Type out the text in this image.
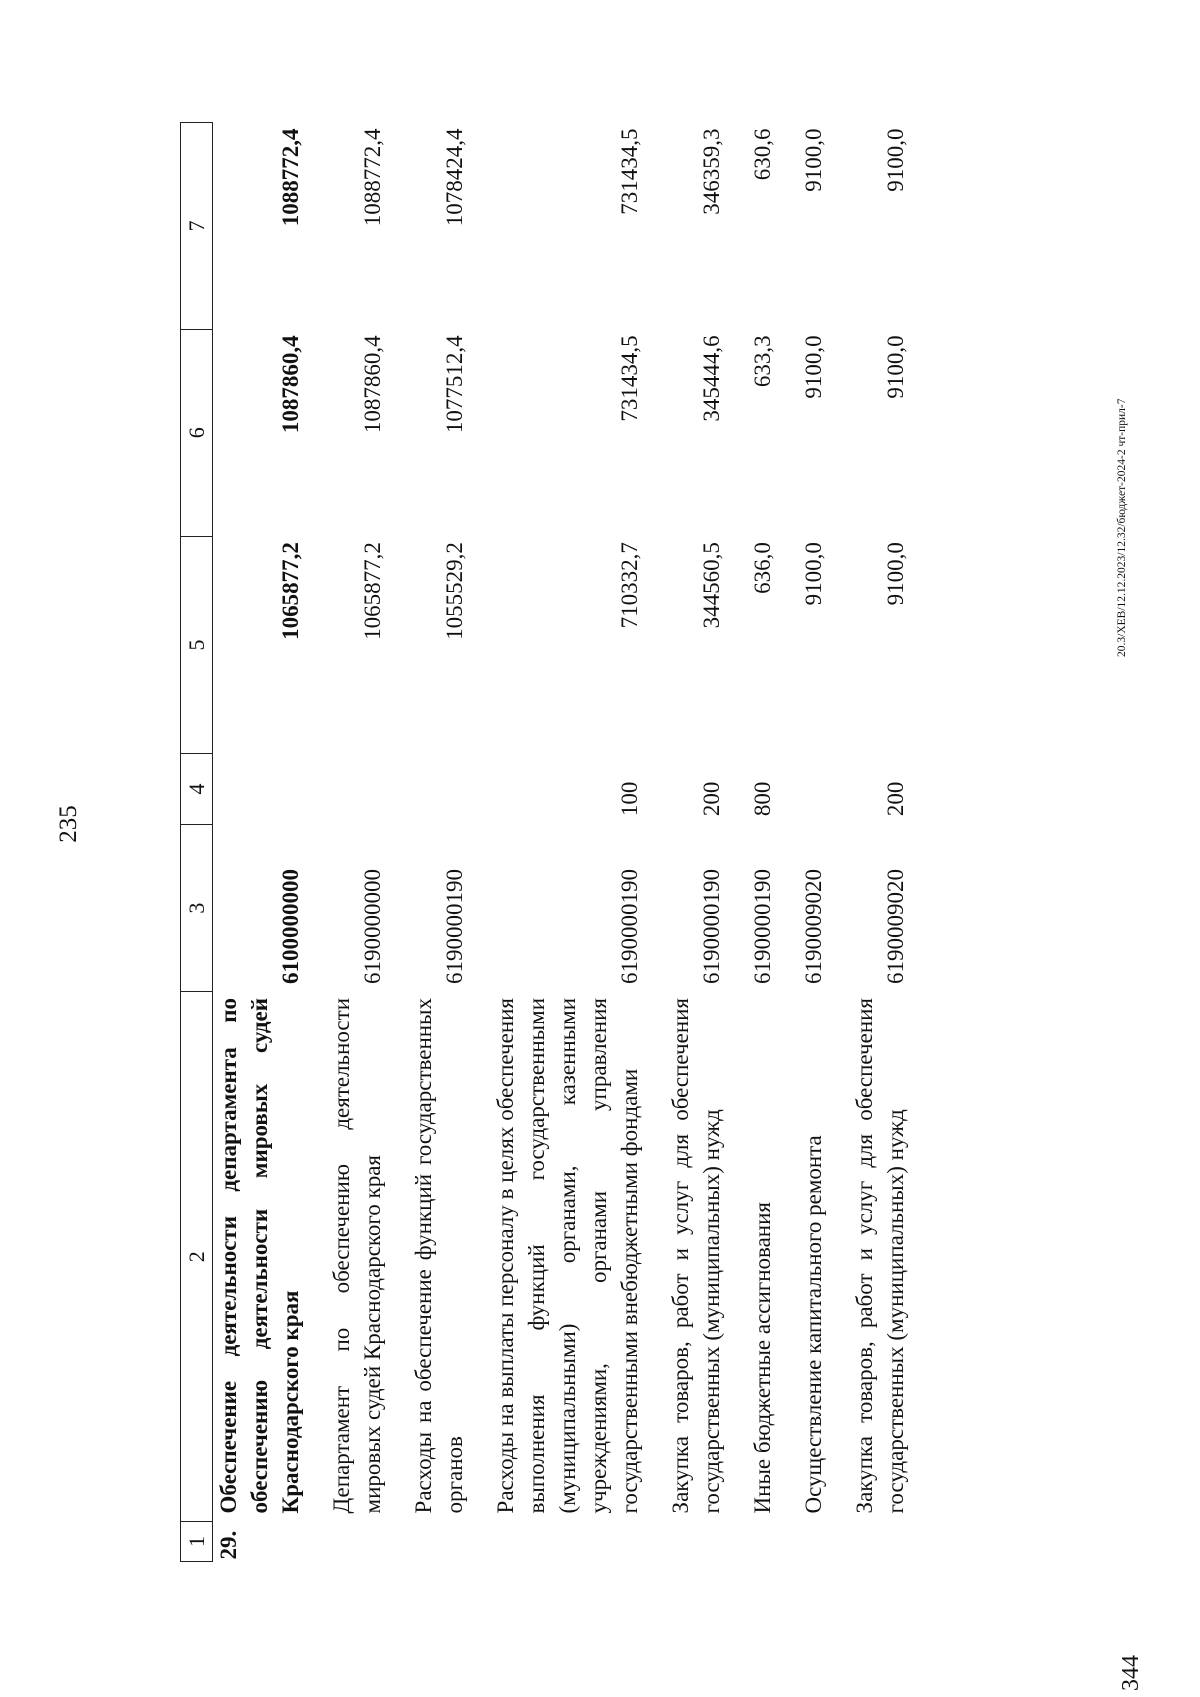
235
1	2	3	4	5	6	7
29.	Обеспечение деятельности департамента по обеспечению деятельности мировых судей Краснодарского края	6100000000		1065877,2	1087860,4	1088772,4
	Департамент по обеспечению деятельности мировых судей Краснодарского края	6190000000		1065877,2	1087860,4	1088772,4
	Расходы на обеспечение функций государственных органов	6190000190		1055529,2	1077512,4	1078424,4
	Расходы на выплаты персоналу в целях обеспечения выполнения функций государственными (муниципальными) органами, казенными учреждениями, органами управления государственными внебюджетными фондами	6190000190	100	710332,7	731434,5	731434,5
	Закупка товаров, работ и услуг для обеспечения государственных (муниципальных) нужд	6190000190	200	344560,5	345444,6	346359,3
	Иные бюджетные ассигнования	6190000190	800	636,0	633,3	630,6
	Осуществление капитального ремонта	6190009020		9100,0	9100,0	9100,0
	Закупка товаров, работ и услуг для обеспечения государственных (муниципальных) нужд	6190009020	200	9100,0	9100,0	9100,0
20.3/XEB/12.12.2023/12.32/бюджет-2024-2 чт-прил-7
344
